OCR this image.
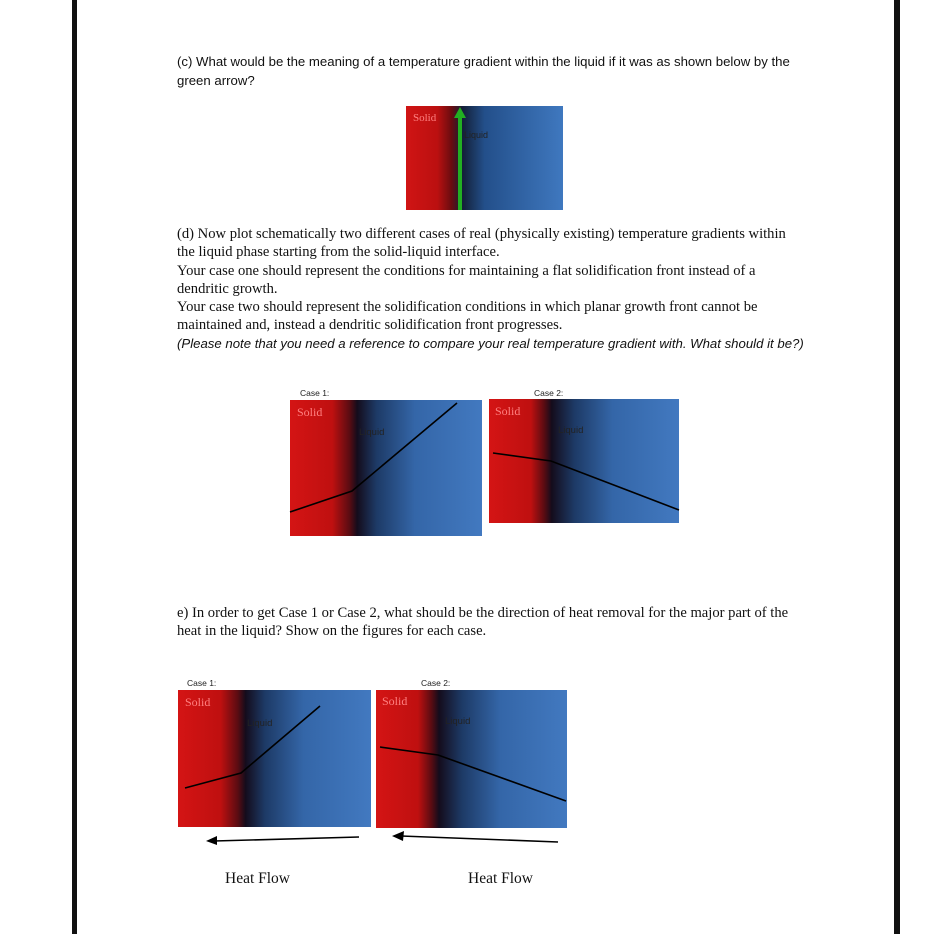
(c) What would be the meaning of a temperature gradient within the liquid if it was as shown below by the green arrow?
Solid
Liquid
(d) Now plot schematically two different cases of real (physically existing) temperature gradients within the liquid phase starting from the solid-liquid interface.
Your case one should represent the conditions for maintaining a flat solidification front instead of a dendritic growth.
Your case two should represent the solidification conditions in which planar growth front cannot be maintained and, instead a dendritic solidification front progresses.
(Please note that you need a reference to compare your real temperature gradient with. What should it be?)
Case 1:
Solid
Liquid
Case 2:
Solid
Liquid
e) In order to get Case 1 or Case 2, what should be the direction of heat removal for the major part of the heat in the liquid? Show on the figures for each case.
Case 1:
Solid
Liquid
Heat Flow
Case 2:
Solid
Liquid
Heat Flow
